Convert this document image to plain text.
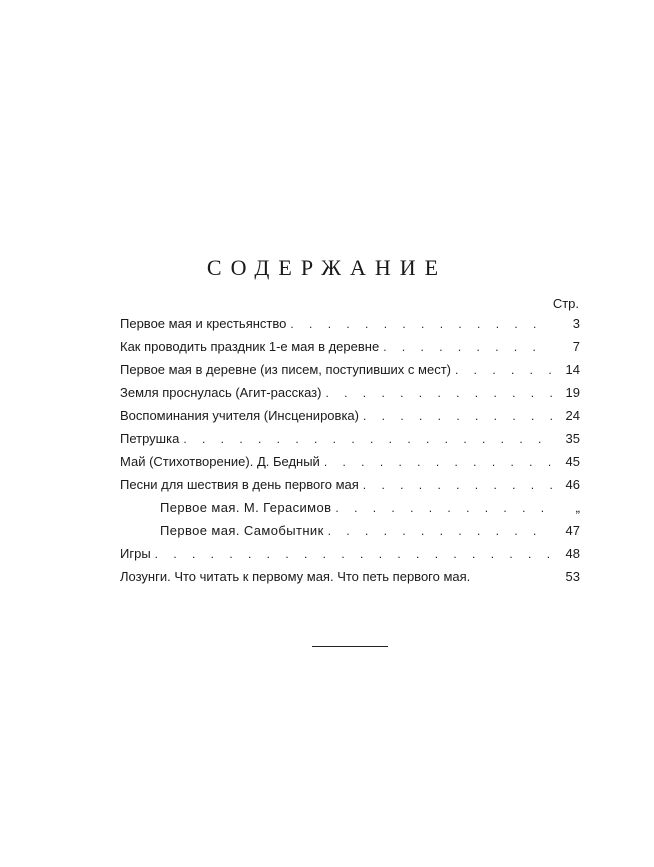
СОДЕРЖАНИЕ
Стр.
Первое мая и крестьянство . . .	3
Как проводить праздник 1-е мая в деревне . . .	7
Первое мая в деревне (из писем, поступивших с мест) . . .	14
Земля проснулась (Агит-рассказ) . . .	19
Воспоминания учителя (Инсценировка) . . .	24
Петрушка . . .	35
Май (Стихотворение). Д. Бедный . . .	45
Песни для шествия в день первого мая . . .	46
Первое мая. М. Герасимов . . .	„
Первое мая. Самобытник . . .	47
Игры . . .	48
Лозунги. Что читать к первому мая. Что петь первого мая.	53
